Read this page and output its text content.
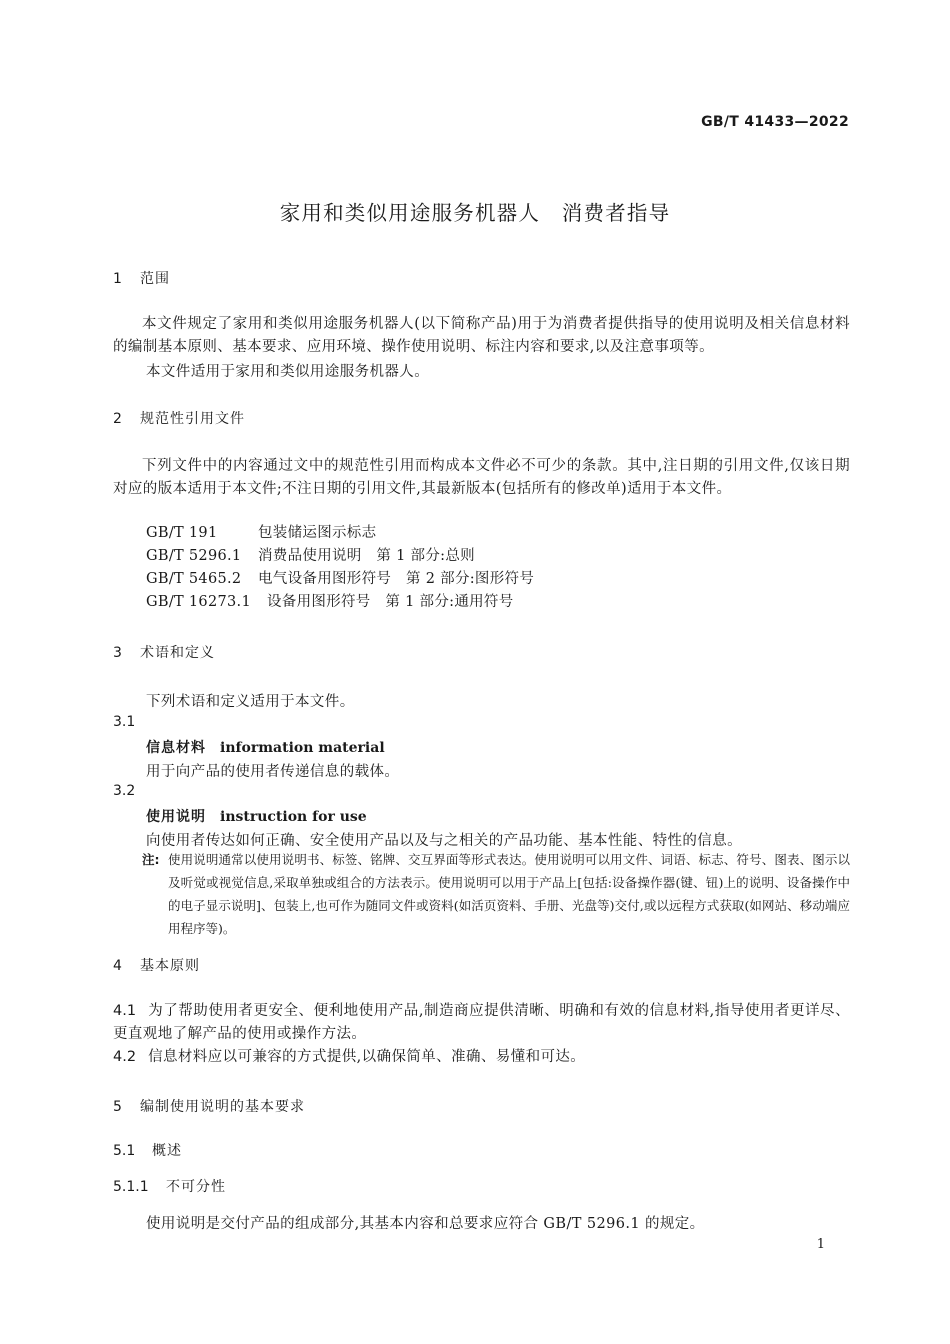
GB/T 41433—2022
家用和类似用途服务机器人　消费者指导
1 范围
本文件规定了家用和类似用途服务机器人(以下简称产品)用于为消费者提供指导的使用说明及相关信息材料的编制基本原则、基本要求、应用环境、操作使用说明、标注内容和要求,以及注意事项等。
本文件适用于家用和类似用途服务机器人。
2 规范性引用文件
下列文件中的内容通过文中的规范性引用而构成本文件必不可少的条款。其中,注日期的引用文件,仅该日期对应的版本适用于本文件;不注日期的引用文件,其最新版本(包括所有的修改单)适用于本文件。
GB/T 191	包装储运图示标志
GB/T 5296.1 消费品使用说明　第 1 部分:总则
GB/T 5465.2 电气设备用图形符号　第 2 部分:图形符号
GB/T 16273.1 设备用图形符号　第 1 部分:通用符号
3 术语和定义
下列术语和定义适用于本文件。
3.1
信息材料 information material
用于向产品的使用者传递信息的载体。
3.2
使用说明 instruction for use
向使用者传达如何正确、安全使用产品以及与之相关的产品功能、基本性能、特性的信息。
注: 使用说明通常以使用说明书、标签、铭牌、交互界面等形式表达。使用说明可以用文件、词语、标志、符号、图表、图示以及听觉或视觉信息,采取单独或组合的方法表示。使用说明可以用于产品上[包括:设备操作器(键、钮)上的说明、设备操作中的电子显示说明]、包装上,也可作为随同文件或资料(如活页资料、手册、光盘等)交付,或以远程方式获取(如网站、移动端应用程序等)。
4 基本原则
4.1 为了帮助使用者更安全、便利地使用产品,制造商应提供清晰、明确和有效的信息材料,指导使用者更详尽、更直观地了解产品的使用或操作方法。
4.2 信息材料应以可兼容的方式提供,以确保简单、准确、易懂和可达。
5 编制使用说明的基本要求
5.1 概述
5.1.1 不可分性
使用说明是交付产品的组成部分,其基本内容和总要求应符合 GB/T 5296.1 的规定。
1
